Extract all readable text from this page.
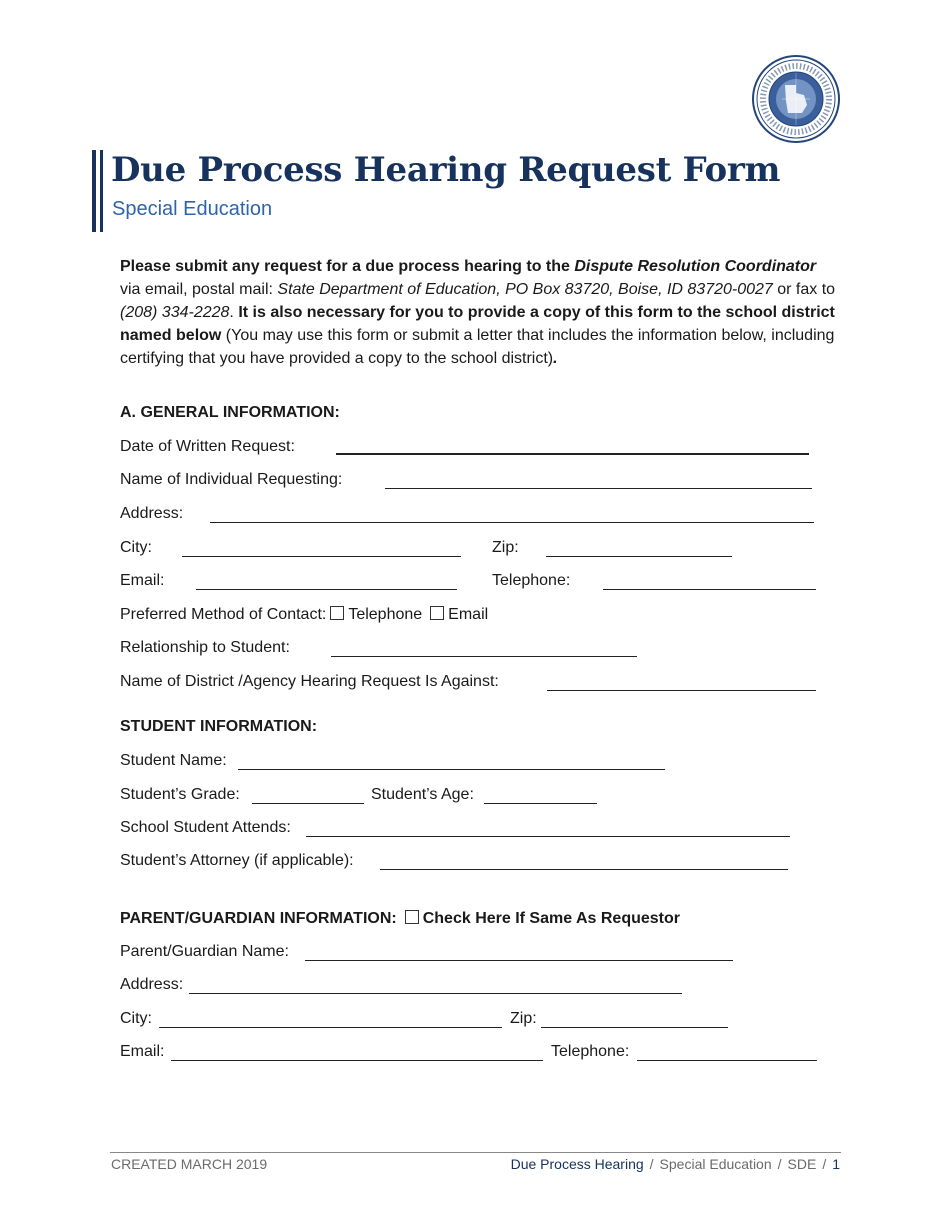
Due Process Hearing Request Form
Special Education

Please submit any request for a due process hearing to the Dispute Resolution Coordinator via email, postal mail: State Department of Education, PO Box 83720, Boise, ID 83720-0027 or fax to (208) 334-2228. It is also necessary for you to provide a copy of this form to the school district named below (You may use this form or submit a letter that includes the information below, including certifying that you have provided a copy to the school district).

A. GENERAL INFORMATION:
Date of Written Request:
Name of Individual Requesting:
Address:
City:	Zip:
Email:	Telephone:
Preferred Method of Contact: Telephone Email
Relationship to Student:
Name of District /Agency Hearing Request Is Against:
STUDENT INFORMATION:
Student Name:
Student’s Grade:	Student’s Age:
School Student Attends:
Student’s Attorney (if applicable):
PARENT/GUARDIAN INFORMATION: Check Here If Same As Requestor
Parent/Guardian Name:
Address:
City:	Zip:
Email:	Telephone:
CREATED MARCH 2019	Due Process Hearing / Special Education / SDE / 1
